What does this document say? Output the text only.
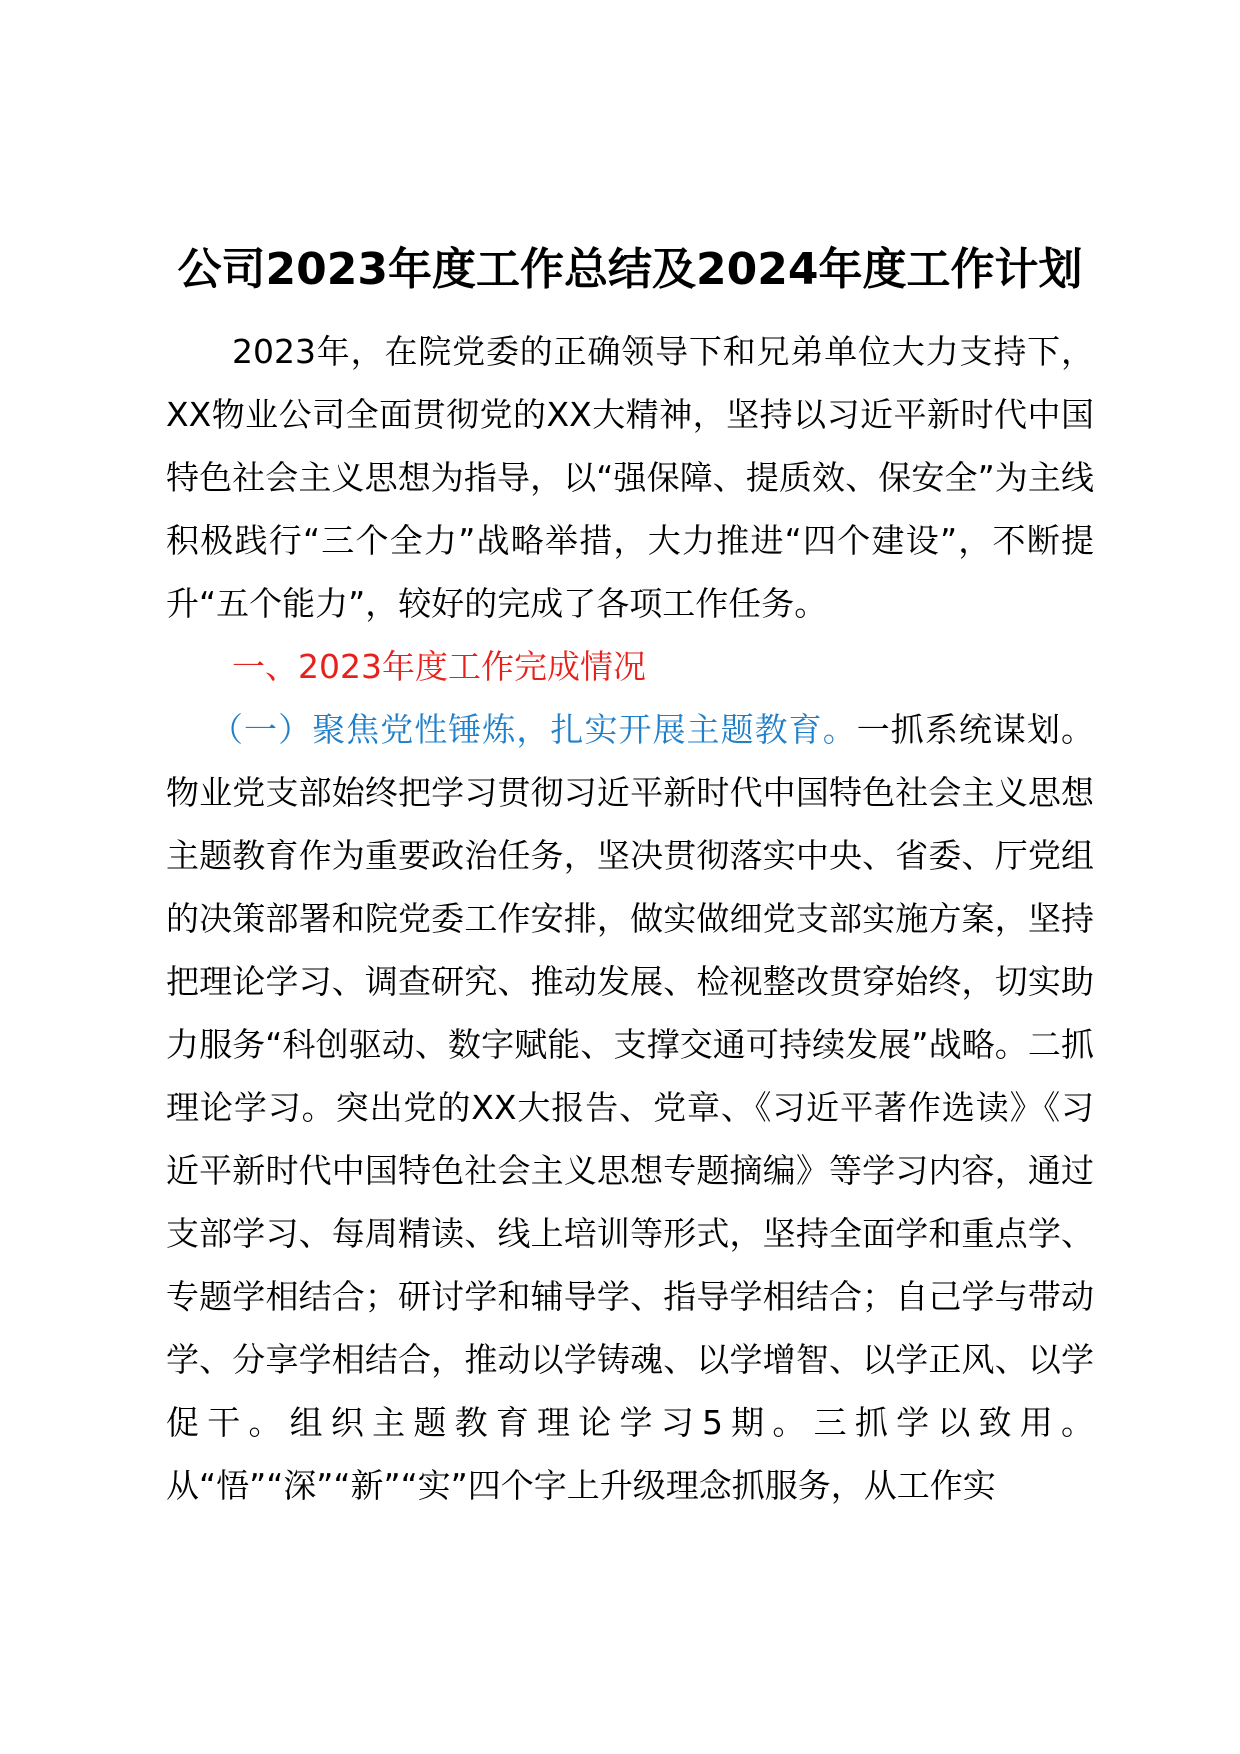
公司2023年度工作总结及2024年度工作计划

2023年，在院党委的正确领导下和兄弟单位大力支持下，XX物业公司全面贯彻党的XX大精神，坚持以习近平新时代中国特色社会主义思想为指导，以“强保障、提质效、保安全”为主线积极践行“三个全力”战略举措，大力推进“四个建设”，不断提升“五个能力”，较好的完成了各项工作任务。

一、2023年度工作完成情况

（一）聚焦党性锤炼，扎实开展主题教育。一抓系统谋划。物业党支部始终把学习贯彻习近平新时代中国特色社会主义思想主题教育作为重要政治任务，坚决贯彻落实中央、省委、厅党组的决策部署和院党委工作安排，做实做细党支部实施方案，坚持把理论学习、调查研究、推动发展、检视整改贯穿始终，切实助力服务“科创驱动、数字赋能、支撑交通可持续发展”战略。二抓理论学习。突出党的XX大报告、党章、《习近平著作选读》《习近平新时代中国特色社会主义思想专题摘编》等学习内容，通过支部学习、每周精读、线上培训等形式，坚持全面学和重点学、专题学相结合；研讨学和辅导学、指导学相结合；自己学与带动学、分享学相结合，推动以学铸魂、以学增智、以学正风、以学促干。组织主题教育理论学习5期。三抓学以致用。从“悟”“深”“新”“实”四个字上升级理念抓服务，从工作实
